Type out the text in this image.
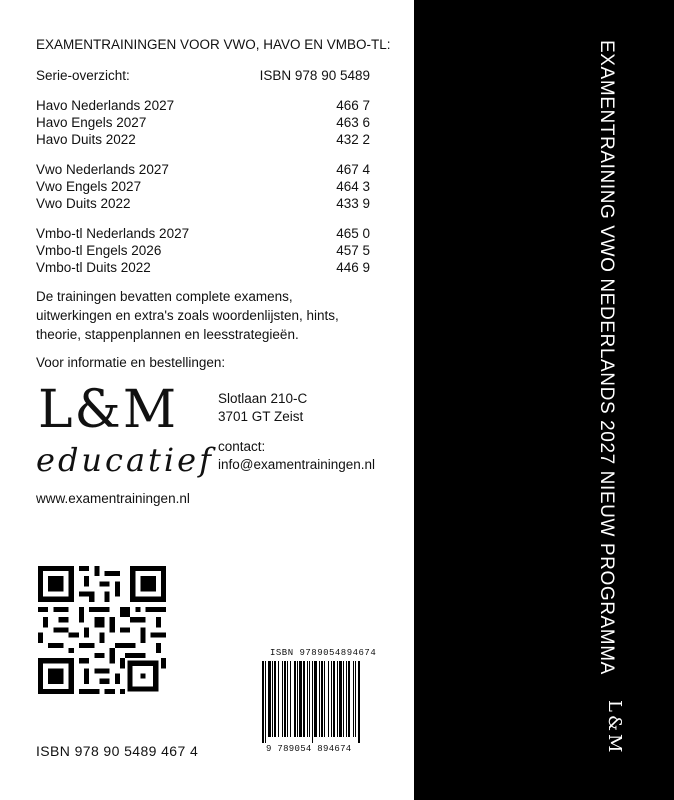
EXAMENTRAININGEN VOOR VWO, HAVO EN VMBO-TL:
Serie-overzicht:	ISBN 978 90 5489
Havo Nederlands 2027	466 7
Havo Engels 2027	463 6
Havo Duits 2022	432 2
Vwo Nederlands 2027	467 4
Vwo Engels 2027	464 3
Vwo Duits 2022	433 9
Vmbo-tl Nederlands 2027	465 0
Vmbo-tl Engels 2026	457 5
Vmbo-tl Duits 2022	446 9
De trainingen bevatten complete examens,
uitwerkingen en extra's zoals woordenlijsten, hints,
theorie, stappenplannen en leesstrategieën.
Voor informatie en bestellingen:
L&M
educatief
Slotlaan 210-C
3701 GT Zeist
contact:
info@examentrainingen.nl
www.examentrainingen.nl
ISBN 9789054894674
9 789054 894674
ISBN 978 90 5489 467 4
EXAMENTRAINING VWO NEDERLANDS 2027 NIEUW PROGRAMMA
L&M
